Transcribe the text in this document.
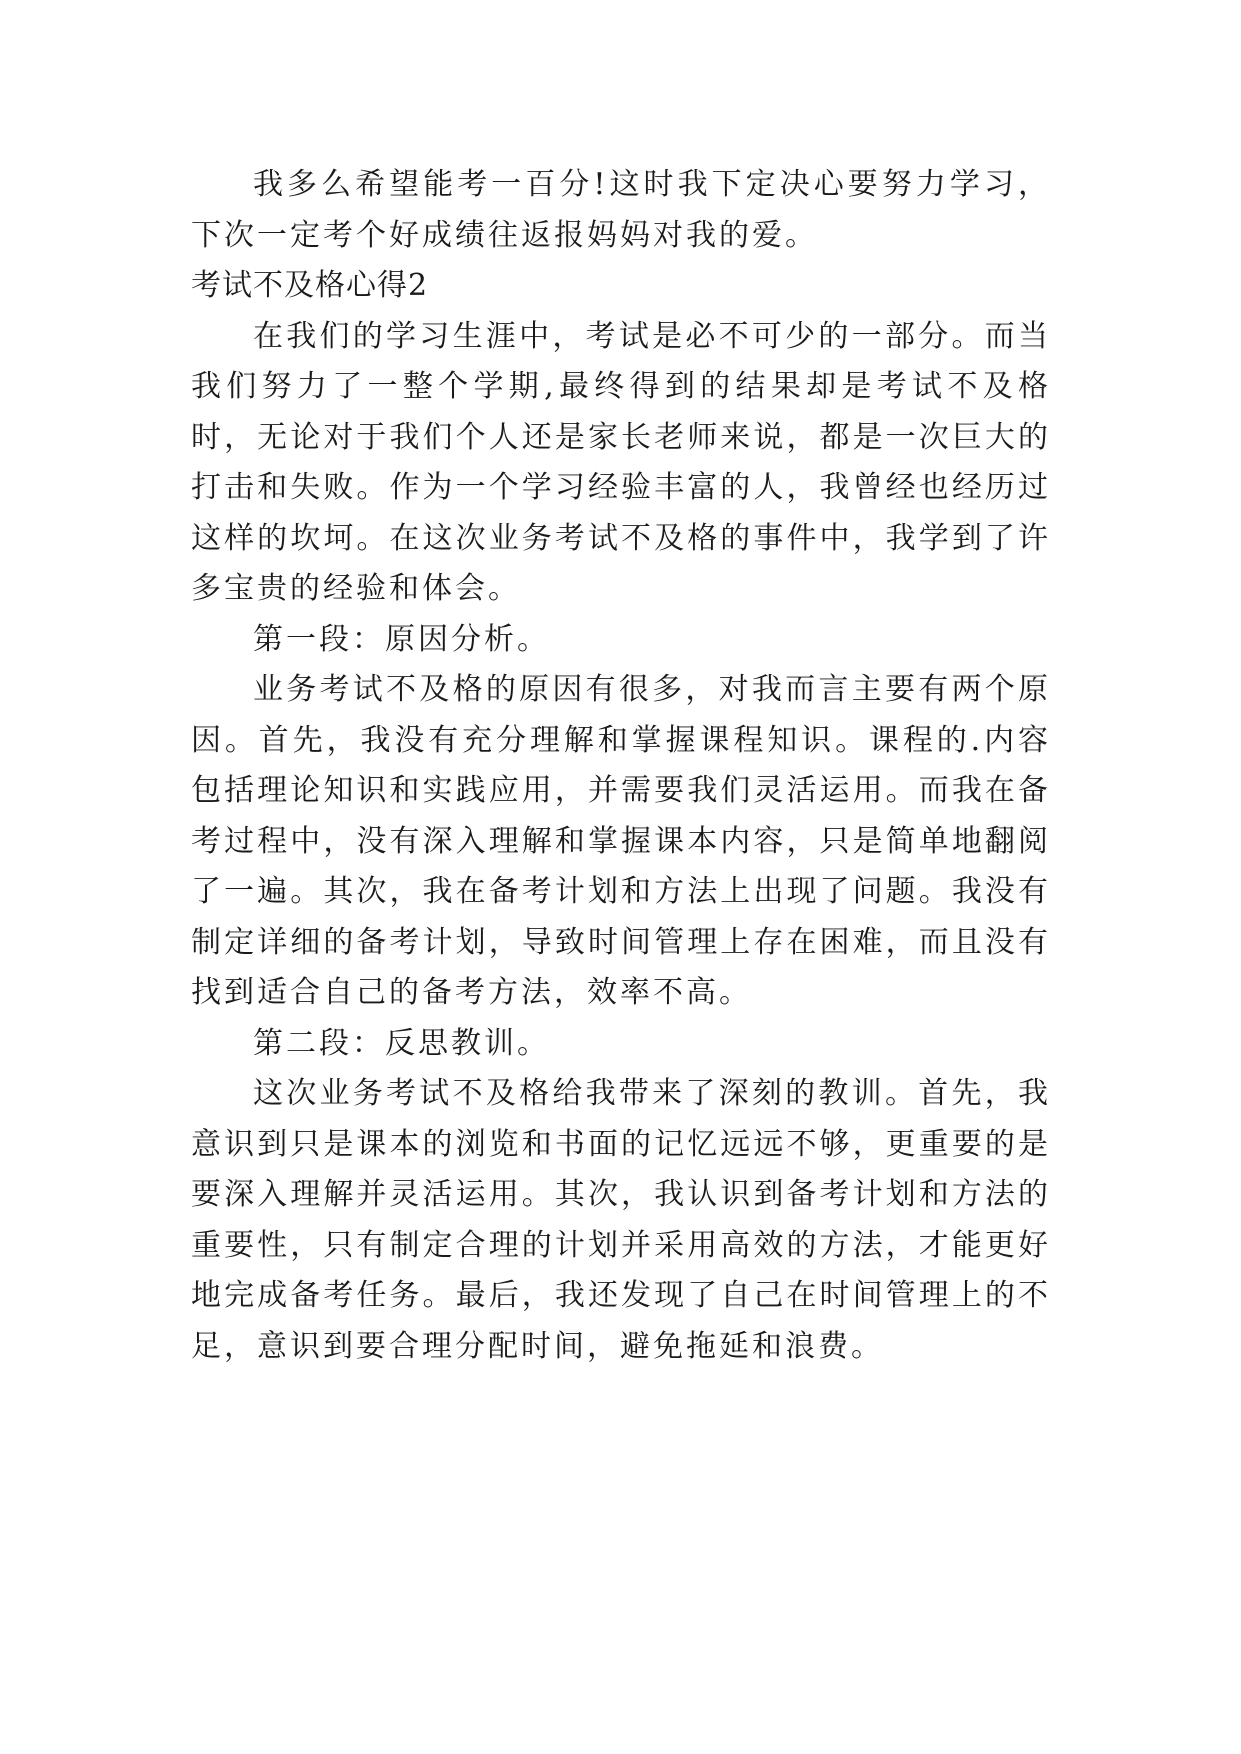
我多么希望能考一百分!这时我下定决心要努力学习，下次一定考个好成绩往返报妈妈对我的爱。

考试不及格心得2

在我们的学习生涯中，考试是必不可少的一部分。而当我们努力了一整个学期,最终得到的结果却是考试不及格时，无论对于我们个人还是家长老师来说，都是一次巨大的打击和失败。作为一个学习经验丰富的人，我曾经也经历过这样的坎坷。在这次业务考试不及格的事件中，我学到了许多宝贵的经验和体会。

第一段：原因分析。

业务考试不及格的原因有很多，对我而言主要有两个原因。首先，我没有充分理解和掌握课程知识。课程的.内容包括理论知识和实践应用，并需要我们灵活运用。而我在备考过程中，没有深入理解和掌握课本内容，只是简单地翻阅了一遍。其次，我在备考计划和方法上出现了问题。我没有制定详细的备考计划，导致时间管理上存在困难，而且没有找到适合自己的备考方法，效率不高。

第二段：反思教训。

这次业务考试不及格给我带来了深刻的教训。首先，我意识到只是课本的浏览和书面的记忆远远不够，更重要的是要深入理解并灵活运用。其次，我认识到备考计划和方法的重要性，只有制定合理的计划并采用高效的方法，才能更好地完成备考任务。最后，我还发现了自己在时间管理上的不足，意识到要合理分配时间，避免拖延和浪费。
